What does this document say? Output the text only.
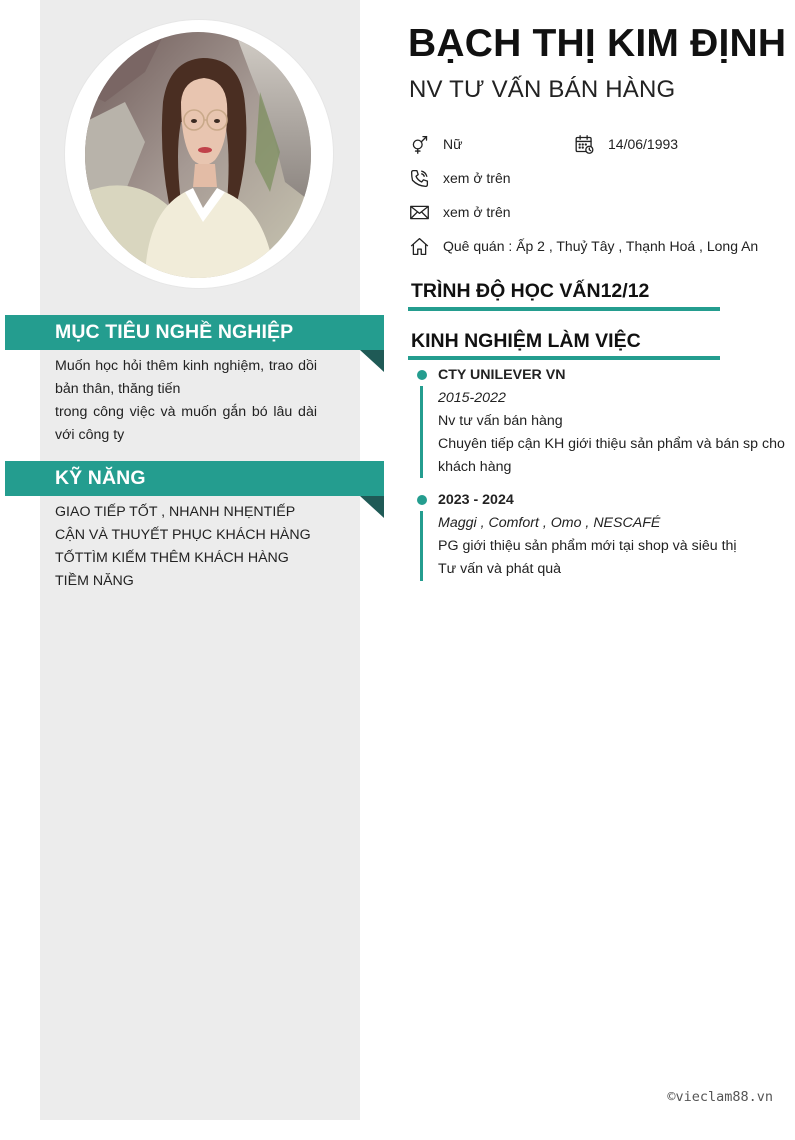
MỤC TIÊU NGHỀ NGHIỆP

Muốn học hỏi thêm kinh nghiệm, trao dồi bản thân, thăng tiến

trong công việc và muốn gắn bó lâu dài với công ty

KỸ NĂNG
GIAO TIẾP TỐT , NHANH NHẸNTIẾP CẬN VÀ THUYẾT PHỤC KHÁCH HÀNG TỐTTÌM KIẾM THÊM KHÁCH HÀNG TIỀM NĂNG
BẠCH THỊ KIM ĐỊNH
NV TƯ VẤN BÁN HÀNG
Nữ	14/06/1993
xem ở trên
xem ở trên
Quê quán : Ấp 2 , Thuỷ Tây , Thạnh Hoá , Long An
TRÌNH ĐỘ HỌC VẤN12/12
KINH NGHIỆM LÀM VIỆC
CTY UNILEVER VN
2015-2022
Nv tư vấn bán hàng
Chuyên tiếp cận KH giới thiệu sản phẩm và bán sp cho khách hàng
2023 - 2024
Maggi , Comfort , Omo , NESCAFÉ
PG giới thiệu sản phẩm mới tại shop và siêu thị
Tư vấn và phát quà
©vieclam88.vn
